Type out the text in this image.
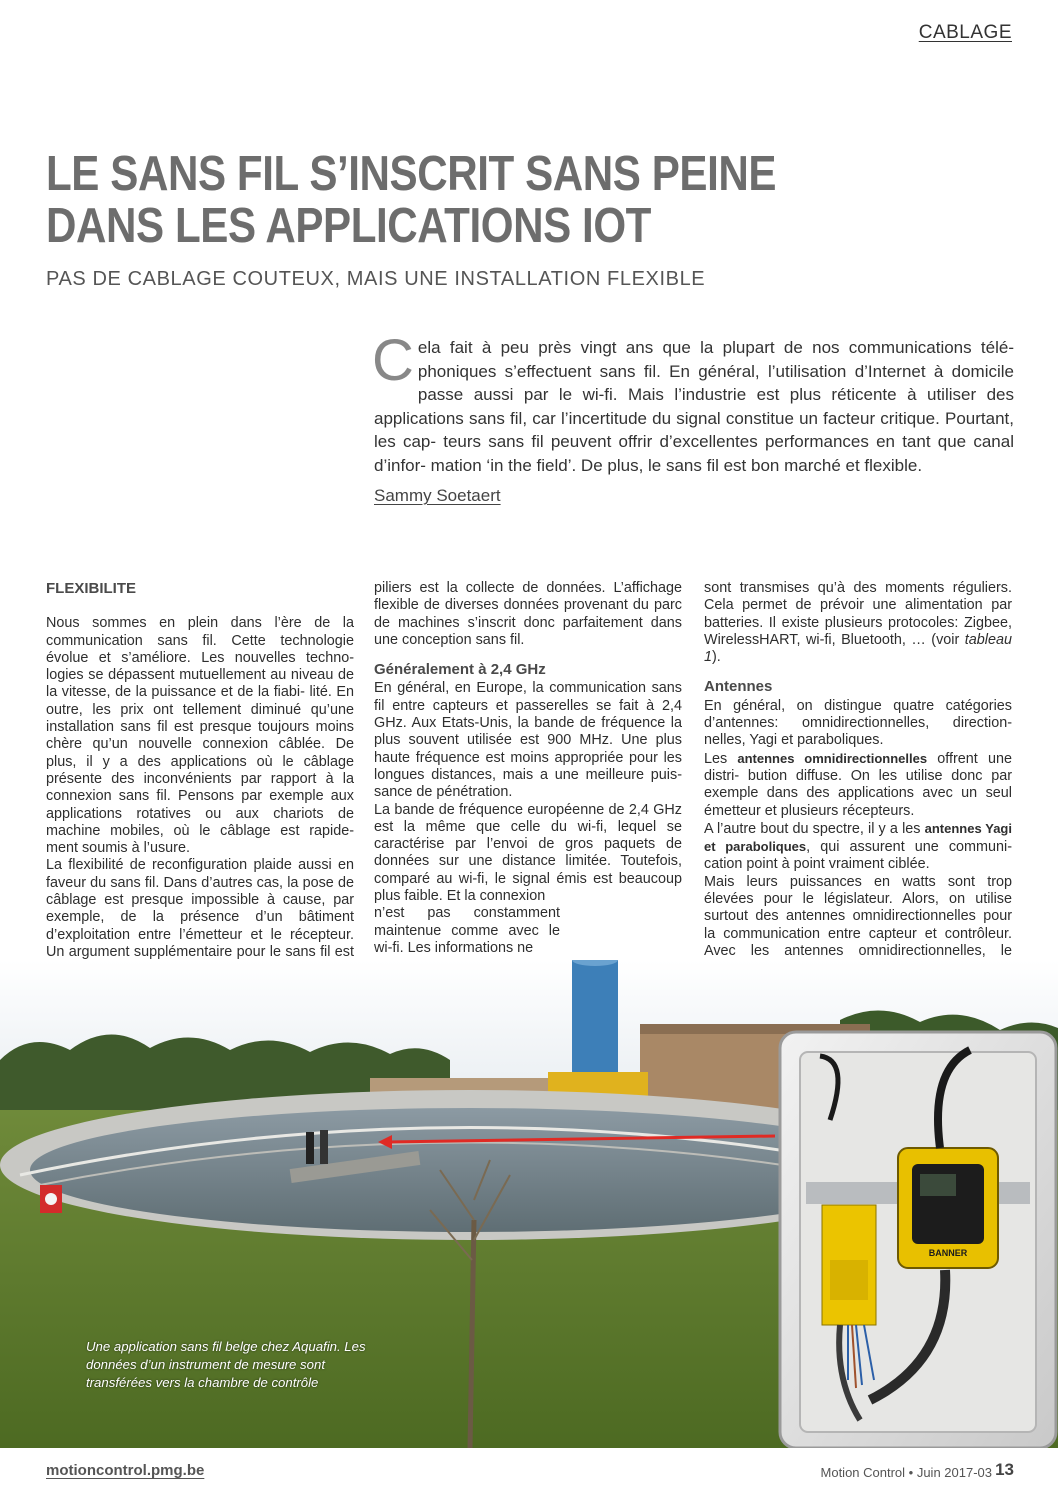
CABLAGE
LE SANS FIL S’INSCRIT SANS PEINE
DANS LES APPLICATIONS IOT
PAS DE CABLAGE COUTEUX, MAIS UNE INSTALLATION FLEXIBLE
C ela fait à peu près vingt ans que la plupart de nos communications télé- phoniques s’effectuent sans fil. En général, l’utilisation d’Internet à domicile passe aussi par le wi-fi. Mais l’industrie est plus réticente à utiliser des applications sans fil, car l’incertitude du signal constitue un facteur critique. Pourtant, les cap- teurs sans fil peuvent offrir d’excellentes performances en tant que canal d’infor- mation ‘in the field’. De plus, le sans fil est bon marché et flexible.

Sammy Soetaert
FLEXIBILITE

Nous sommes en plein dans l’ère de la communication sans fil. Cette technologie évolue et s’améliore. Les nouvelles techno- logies se dépassent mutuellement au niveau de la vitesse, de la puissance et de la fiabi- lité. En outre, les prix ont tellement diminué qu’une installation sans fil est presque toujours moins chère qu’un nouvelle connexion câblée. De plus, il y a des applications où le câblage présente des inconvénients par rapport à la connexion sans fil. Pensons par exemple aux applications rotatives ou aux chariots de machine mobiles, où le câblage est rapide- ment soumis à l’usure.

La flexibilité de reconfiguration plaide aussi en faveur du sans fil. Dans d’autres cas, la pose de câblage est presque impossible à cause, par exemple, de la présence d’un bâtiment d’exploitation entre l’émetteur et le récepteur. Un argument supplémentaire pour le sans fil est

piliers est la collecte de données. L’affichage flexible de diverses données provenant du parc de machines s’inscrit donc parfaitement dans une conception sans fil.

Généralement à 2,4 GHz

En général, en Europe, la communication sans fil entre capteurs et passerelles se fait à 2,4 GHz. Aux Etats-Unis, la bande de fréquence la plus souvent utilisée est 900 MHz. Une plus haute fréquence est moins appropriée pour les longues distances, mais a une meilleure puis- sance de pénétration.

La bande de fréquence européenne de 2,4 GHz est la même que celle du wi-fi, lequel se caractérise par l’envoi de gros paquets de données sur une distance limitée. Toutefois, comparé au wi-fi, le signal émis est beaucoup plus faible. Et la connexion

n’est pas constamment maintenue comme avec le wi-fi. Les informations ne

sont transmises qu’à des moments réguliers. Cela permet de prévoir une alimentation par batteries. Il existe plusieurs protocoles: Zigbee, WirelessHART, wi-fi, Bluetooth, … (voir tableau 1).

Antennes

En général, on distingue quatre catégories d’antennes: omnidirectionnelles, direction- nelles, Yagi et paraboliques.

Les antennes omnidirectionnelles offrent une distri- bution diffuse. On les utilise donc par exemple dans des applications avec un seul émetteur et plusieurs récepteurs.

A l’autre bout du spectre, il y a les antennes Yagi et paraboliques, qui assurent une communi- cation point à point vraiment ciblée.

Mais leurs puissances en watts sont trop élevées pour le législateur. Alors, on utilise surtout des antennes omnidirectionnelles pour la communication entre capteur et contrôleur. Avec les antennes omnidirectionnelles, le

BANNER
Une application sans fil belge chez Aquafin. Les données d’un instrument de mesure sont transférées vers la chambre de contrôle
motioncontrol.pmg.be	Motion Control • Juin 2017-03 13
